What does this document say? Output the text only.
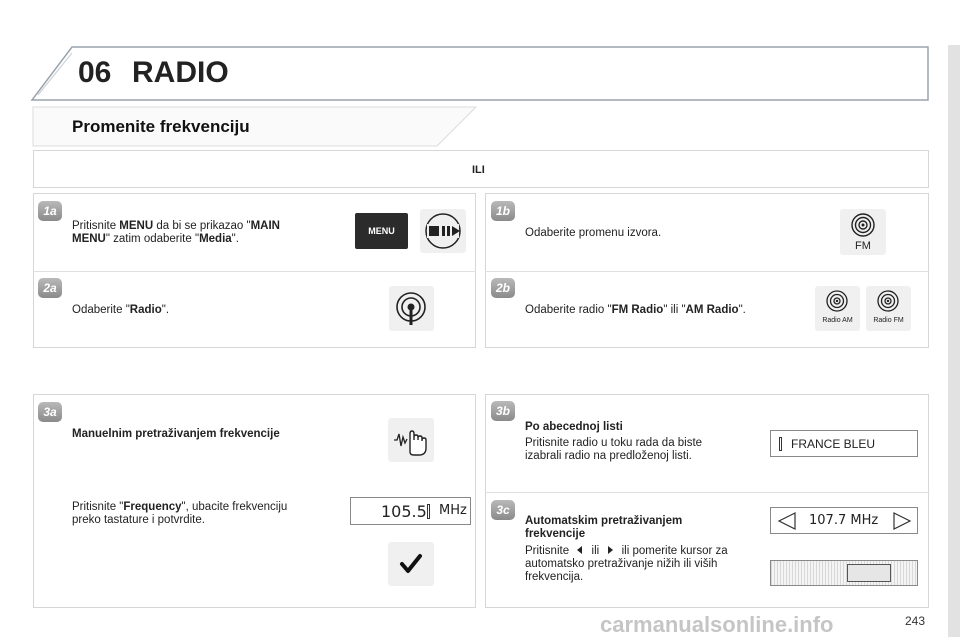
06 RADIO
Promenite frekvenciju
ILI
1a
Pritisnite MENU da bi se prikazao "MAIN
MENU" zatim odaberite "Media".
MENU
2a
Odaberite "Radio".
1b
Odaberite promenu izvora.
FM
2b
Odaberite radio "FM Radio" ili "AM Radio".
Radio AM	Radio FM
3a
Manuelnim pretraživanjem frekvencije
Pritisnite "Frequency", ubacite frekvenciju
preko tastature i potvrdite.	105.5 MHz
3b
Po abecednoj listi
Pritisnite radio u toku rada da biste
izabrali radio na predloženoj listi.
FRANCE BLEU
3c
Automatskim pretraživanjem
frekvencije
Pritisnite ili ili pomerite kursor za
automatsko pretraživanje nižih ili viših
frekvencija.
107.7 MHz
243
carmanualsonline.info
